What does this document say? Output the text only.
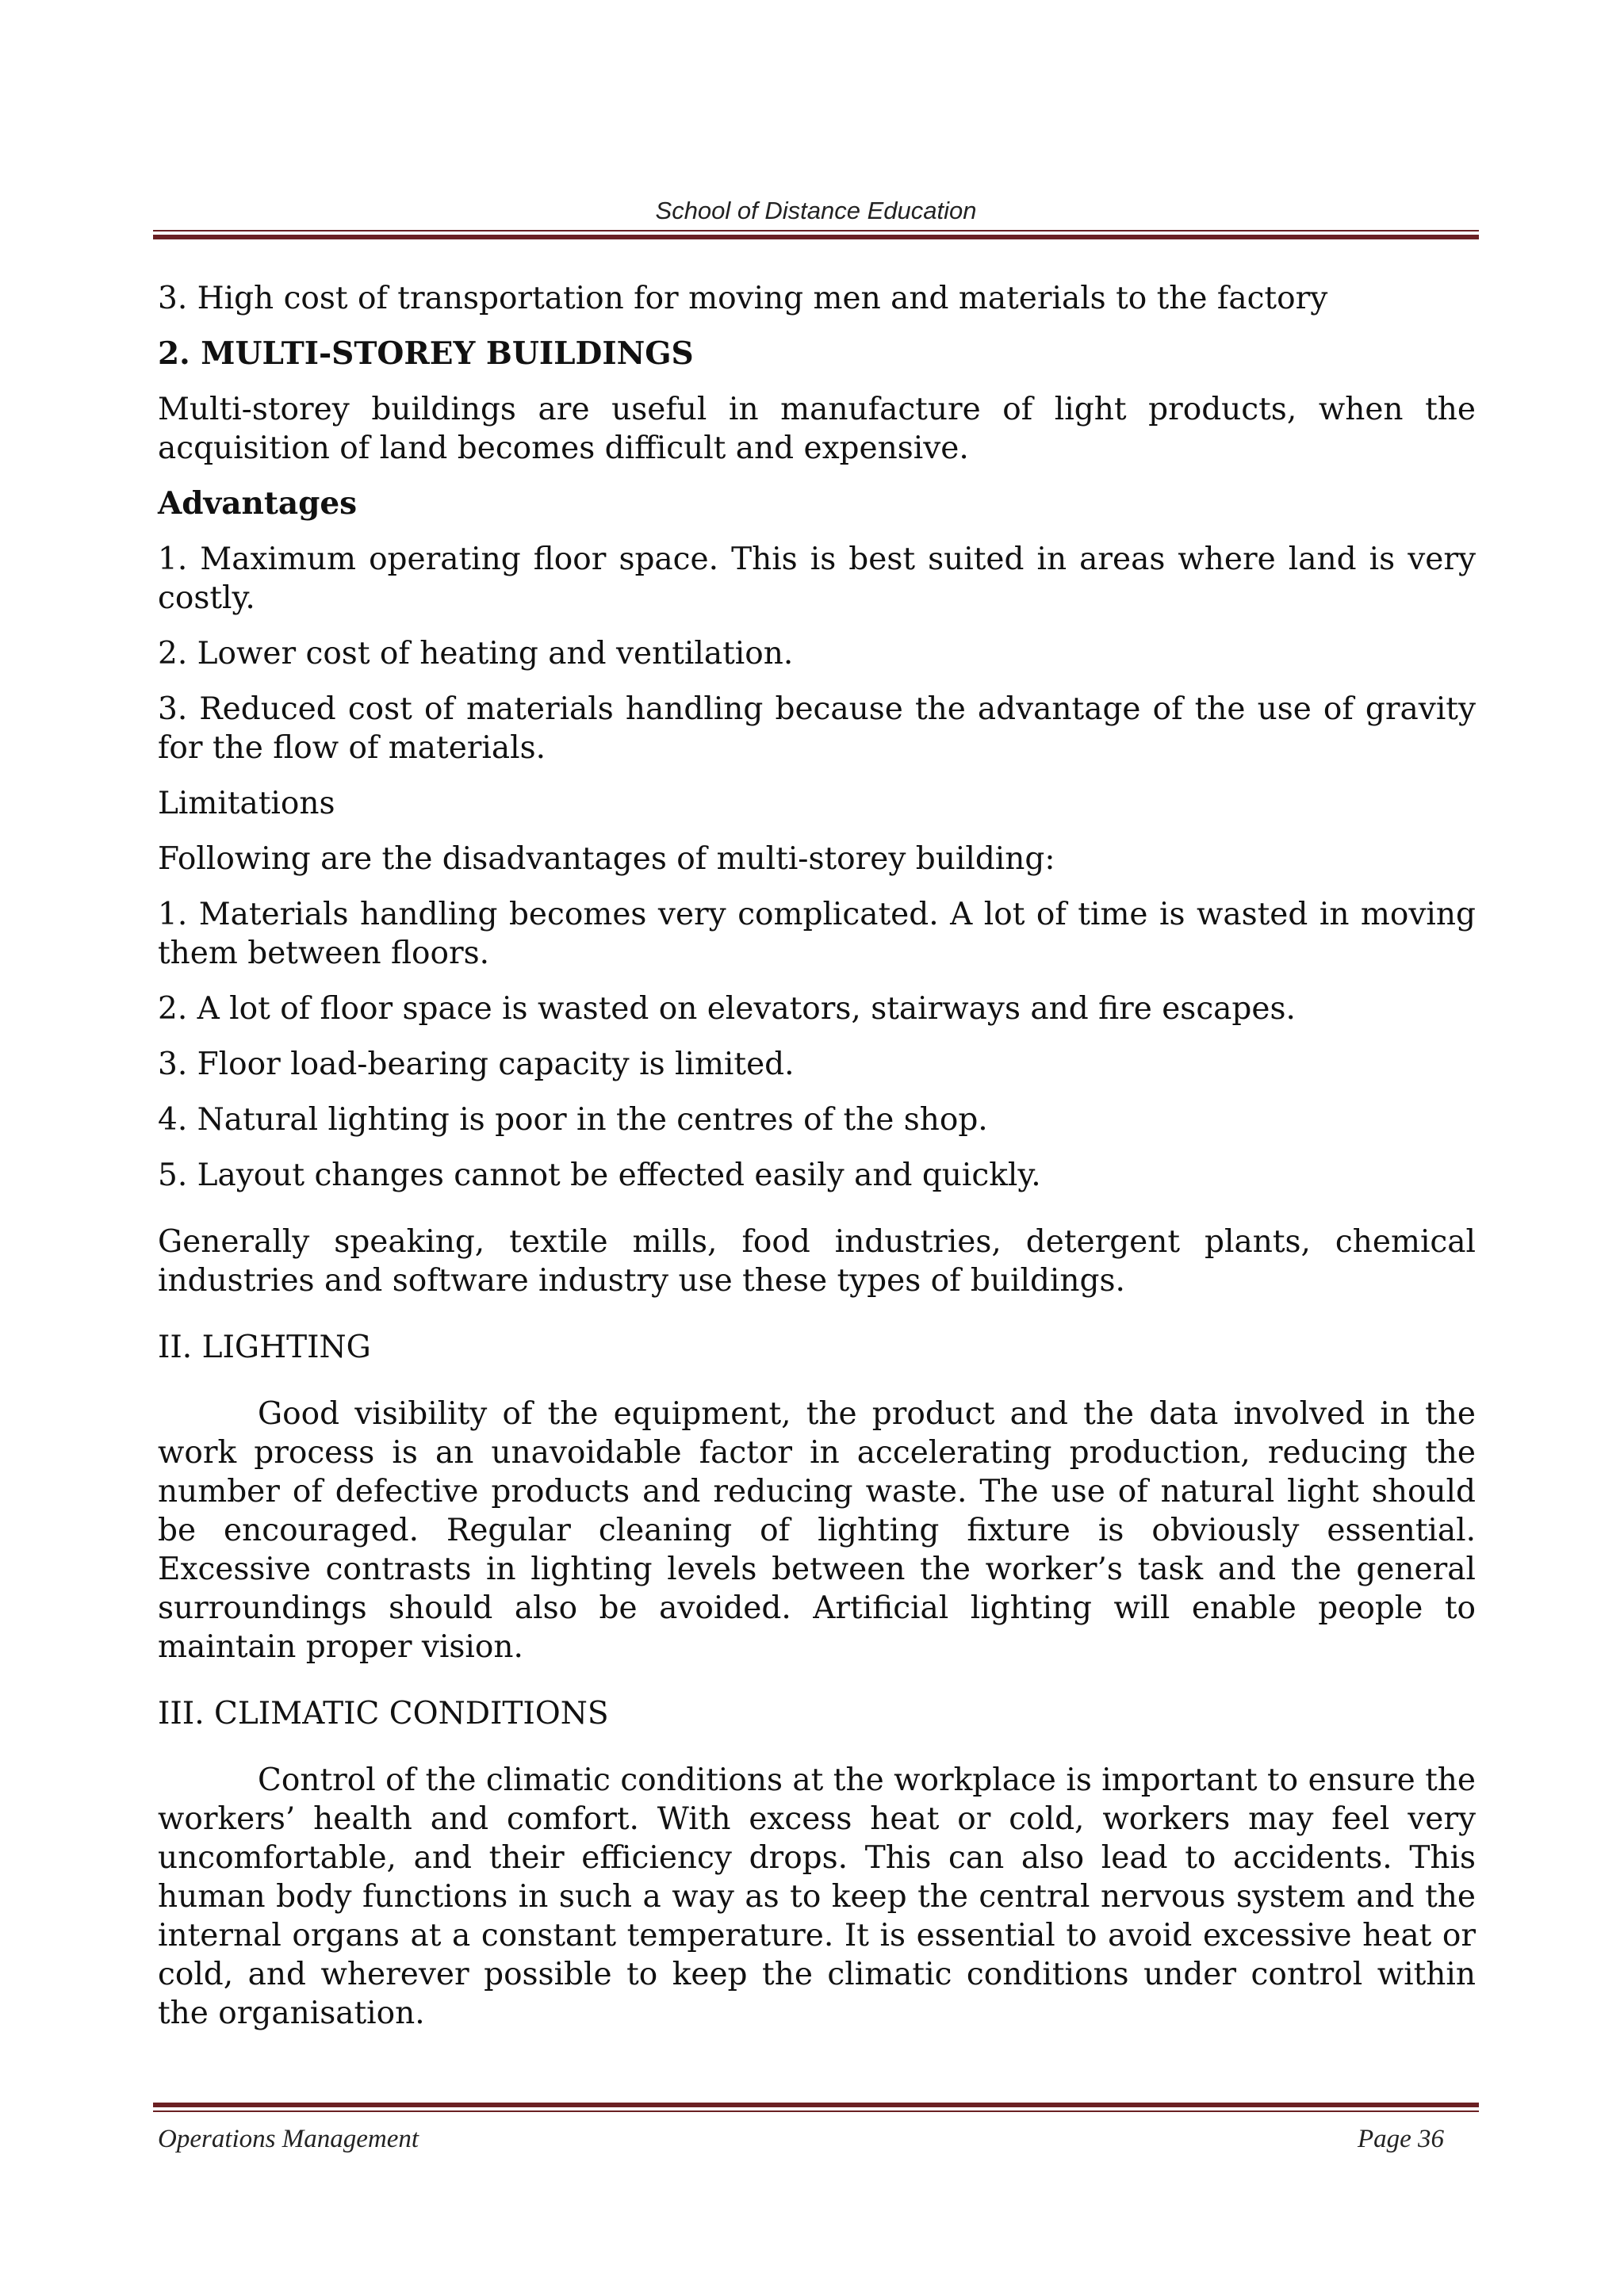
School of Distance Education

3. High cost of transportation for moving men and materials to the factory

2. MULTI-STOREY BUILDINGS

Multi-storey buildings are useful in manufacture of light products, when the acquisition of land becomes difficult and expensive.

Advantages

1. Maximum operating floor space. This is best suited in areas where land is very costly.

2. Lower cost of heating and ventilation.

3. Reduced cost of materials handling because the advantage of the use of gravity for the flow of materials.

Limitations

Following are the disadvantages of multi-storey building:

1. Materials handling becomes very complicated. A lot of time is wasted in moving them between floors.

2. A lot of floor space is wasted on elevators, stairways and fire escapes.

3. Floor load-bearing capacity is limited.

4. Natural lighting is poor in the centres of the shop.

5. Layout changes cannot be effected easily and quickly.

Generally speaking, textile mills, food industries, detergent plants, chemical industries and software industry use these types of buildings.

II. LIGHTING

Good visibility of the equipment, the product and the data involved in the work process is an unavoidable factor in accelerating production, reducing the number of defective products and reducing waste. The use of natural light should be encouraged. Regular cleaning of lighting fixture is obviously essential. Excessive contrasts in lighting levels between the worker’s task and the general surroundings should also be avoided. Artificial lighting will enable people to maintain proper vision.

III. CLIMATIC CONDITIONS

Control of the climatic conditions at the workplace is important to ensure the workers’ health and comfort. With excess heat or cold, workers may feel very uncomfortable, and their efficiency drops. This can also lead to accidents. This human body functions in such a way as to keep the central nervous system and the internal organs at a constant temperature. It is essential to avoid excessive heat or cold, and wherever possible to keep the climatic conditions under control within the organisation.

Operations Management	Page 36
